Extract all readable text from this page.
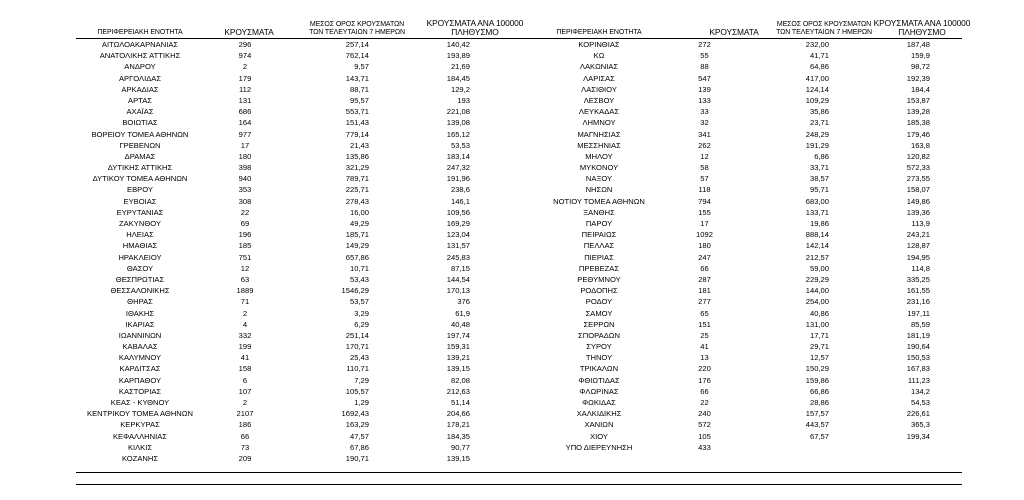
ΠΕΡΙΦΕΡΕΙΑΚΗ ΕΝΟΤΗΤΑ	ΚΡΟΥΣΜΑΤΑ
ΜΕΣΟΣ ΟΡΟΣ ΚΡΟΥΣΜΑΤΩΝ
ΤΩΝ ΤΕΛΕΥΤΑΙΩΝ 7 ΗΜΕΡΩΝ
ΚΡΟΥΣΜΑΤΑ ΑΝΑ 100000
ΠΛΗΘΥΣΜΟ
ΑΙΤΩΛΟΑΚΑΡΝΑΝΙΑΣ	296	257,14	140,42
ΑΝΑΤΟΛΙΚΗΣ ΑΤΤΙΚΗΣ	974	762,14	193,89
ΑΝΔΡΟΥ	2	9,57	21,69
ΑΡΓΟΛΙΔΑΣ	179	143,71	184,45
ΑΡΚΑΔΙΑΣ	112	88,71	129,2
ΑΡΤΑΣ	131	95,57	193
ΑΧΑΪΑΣ	686	553,71	221,08
ΒΟΙΩΤΙΑΣ	164	151,43	139,08
ΒΟΡΕΙΟΥ ΤΟΜΕΑ ΑΘΗΝΩΝ	977	779,14	165,12
ΓΡΕΒΕΝΩΝ	17	21,43	53,53
ΔΡΑΜΑΣ	180	135,86	183,14
ΔΥΤΙΚΗΣ ΑΤΤΙΚΗΣ	398	321,29	247,32
ΔΥΤΙΚΟΥ ΤΟΜΕΑ ΑΘΗΝΩΝ	940	789,71	191,96
ΕΒΡΟΥ	353	225,71	238,6
ΕΥΒΟΙΑΣ	308	278,43	146,1
ΕΥΡΥΤΑΝΙΑΣ	22	16,00	109,56
ΖΑΚΥΝΘΟΥ	69	49,29	169,29
ΗΛΕΙΑΣ	196	185,71	123,04
ΗΜΑΘΙΑΣ	185	149,29	131,57
ΗΡΑΚΛΕΙΟΥ	751	657,86	245,83
ΘΑΣΟΥ	12	10,71	87,15
ΘΕΣΠΡΩΤΙΑΣ	63	53,43	144,54
ΘΕΣΣΑΛΟΝΙΚΗΣ	1889	1546,29	170,13
ΘΗΡΑΣ	71	53,57	376
ΙΘΑΚΗΣ	2	3,29	61,9
ΙΚΑΡΙΑΣ	4	6,29	40,48
ΙΩΑΝΝΙΝΩΝ	332	251,14	197,74
ΚΑΒΑΛΑΣ	199	170,71	159,31
ΚΑΛΥΜΝΟΥ	41	25,43	139,21
ΚΑΡΔΙΤΣΑΣ	158	110,71	139,15
ΚΑΡΠΑΘΟΥ	6	7,29	82,08
ΚΑΣΤΟΡΙΑΣ	107	105,57	212,63
ΚΕΑΣ - ΚΥΘΝΟΥ	2	1,29	51,14
ΚΕΝΤΡΙΚΟΥ ΤΟΜΕΑ ΑΘΗΝΩΝ	2107	1692,43	204,66
ΚΕΡΚΥΡΑΣ	186	163,29	178,21
ΚΕΦΑΛΛΗΝΙΑΣ	66	47,57	184,35
ΚΙΛΚΙΣ	73	67,86	90,77
ΚΟΖΑΝΗΣ	209	190,71	139,15
ΠΕΡΙΦΕΡΕΙΑΚΗ ΕΝΟΤΗΤΑ	ΚΡΟΥΣΜΑΤΑ
ΜΕΣΟΣ ΟΡΟΣ ΚΡΟΥΣΜΑΤΩΝ
ΤΩΝ ΤΕΛΕΥΤΑΙΩΝ 7 ΗΜΕΡΩΝ
ΚΡΟΥΣΜΑΤΑ ΑΝΑ 100000
ΠΛΗΘΥΣΜΟ
ΚΟΡΙΝΘΙΑΣ	272	232,00	187,48
ΚΩ	55	41,71	159,9
ΛΑΚΩΝΙΑΣ	88	64,86	98,72
ΛΑΡΙΣΑΣ	547	417,00	192,39
ΛΑΣΙΘΙΟΥ	139	124,14	184,4
ΛΕΣΒΟΥ	133	109,29	153,87
ΛΕΥΚΑΔΑΣ	33	35,86	139,28
ΛΗΜΝΟΥ	32	23,71	185,38
ΜΑΓΝΗΣΙΑΣ	341	248,29	179,46
ΜΕΣΣΗΝΙΑΣ	262	191,29	163,8
ΜΗΛΟΥ	12	6,86	120,82
ΜΥΚΟΝΟΥ	58	33,71	572,33
ΝΑΞΟΥ	57	38,57	273,55
ΝΗΣΩΝ	118	95,71	158,07
ΝΟΤΙΟΥ ΤΟΜΕΑ ΑΘΗΝΩΝ	794	683,00	149,86
ΞΑΝΘΗΣ	155	133,71	139,36
ΠΑΡΟΥ	17	19,86	113,9
ΠΕΙΡΑΙΩΣ	1092	888,14	243,21
ΠΕΛΛΑΣ	180	142,14	128,87
ΠΙΕΡΙΑΣ	247	212,57	194,95
ΠΡΕΒΕΖΑΣ	66	59,00	114,8
ΡΕΘΥΜΝΟΥ	287	229,29	335,25
ΡΟΔΟΠΗΣ	181	144,00	161,55
ΡΟΔΟΥ	277	254,00	231,16
ΣΑΜΟΥ	65	40,86	197,11
ΣΕΡΡΩΝ	151	131,00	85,59
ΣΠΟΡΑΔΩΝ	25	17,71	181,19
ΣΥΡΟΥ	41	29,71	190,64
ΤΗΝΟΥ	13	12,57	150,53
ΤΡΙΚΑΛΩΝ	220	150,29	167,83
ΦΘΙΩΤΙΔΑΣ	176	159,86	111,23
ΦΛΩΡΙΝΑΣ	66	66,86	134,2
ΦΩΚΙΔΑΣ	22	28,86	54,53
ΧΑΛΚΙΔΙΚΗΣ	240	157,57	226,61
ΧΑΝΙΩΝ	572	443,57	365,3
ΧΙΟΥ	105	67,57	199,34
ΥΠΟ ΔΙΕΡΕΥΝΗΣΗ	433		
